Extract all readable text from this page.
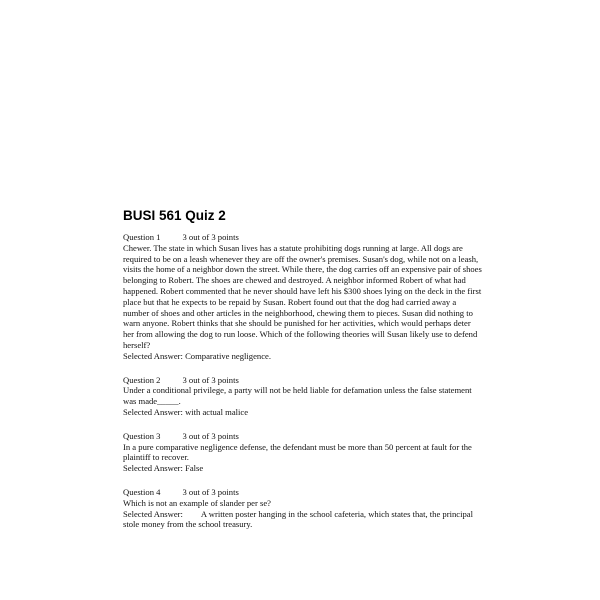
BUSI 561 Quiz 2
Question 1	3 out of 3 points
Chewer. The state in which Susan lives has a statute prohibiting dogs running at large. All dogs are required to be on a leash whenever they are off the owner's premises. Susan's dog, while not on a leash, visits the home of a neighbor down the street. While there, the dog carries off an expensive pair of shoes belonging to Robert. The shoes are chewed and destroyed. A neighbor informed Robert of what had happened. Robert commented that he never should have left his $300 shoes lying on the deck in the first place but that he expects to be repaid by Susan. Robert found out that the dog had carried away a number of shoes and other articles in the neighborhood, chewing them to pieces. Susan did nothing to warn anyone. Robert thinks that she should be punished for her activities, which would perhaps deter her from allowing the dog to run loose. Which of the following theories will Susan likely use to defend herself?
Selected Answer: Comparative negligence.
Question 2	3 out of 3 points
Under a conditional privilege, a party will not be held liable for defamation unless the false statement was made_____.
Selected Answer: with actual malice
Question 3	3 out of 3 points
In a pure comparative negligence defense, the defendant must be more than 50 percent at fault for the plaintiff to recover.
Selected Answer: False
Question 4	3 out of 3 points
Which is not an example of slander per se?
Selected Answer: A written poster hanging in the school cafeteria, which states that, the principal stole money from the school treasury.
